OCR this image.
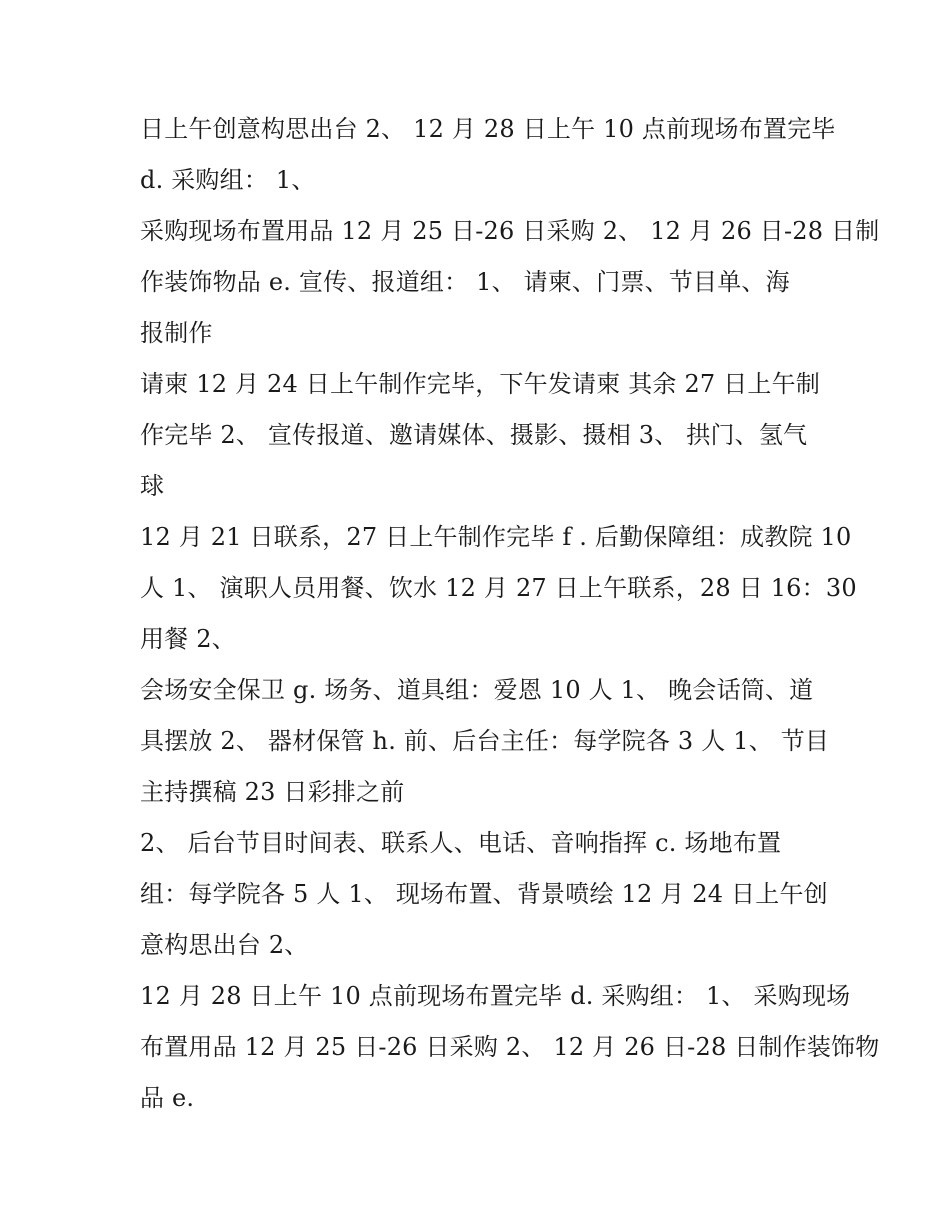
日上午创意构思出台 2、 12 月 28 日上午 10 点前现场布置完毕
d. 采购组： 1、
采购现场布置用品 12 月 25 日-26 日采购 2、 12 月 26 日-28 日制
作装饰物品 e. 宣传、报道组： 1、 请柬、门票、节目单、海
报制作
请柬 12 月 24 日上午制作完毕，下午发请柬 其余 27 日上午制
作完毕 2、 宣传报道、邀请媒体、摄影、摄相 3、 拱门、氢气
球
12 月 21 日联系，27 日上午制作完毕 f . 后勤保障组：成教院 10
人 1、 演职人员用餐、饮水 12 月 27 日上午联系，28 日 16：30
用餐 2、
会场安全保卫 g. 场务、道具组：爱恩 10 人 1、 晚会话筒、道
具摆放 2、 器材保管 h. 前、后台主任：每学院各 3 人 1、 节目
主持撰稿 23 日彩排之前
2、 后台节目时间表、联系人、电话、音响指挥 c. 场地布置
组：每学院各 5 人 1、 现场布置、背景喷绘 12 月 24 日上午创
意构思出台 2、
12 月 28 日上午 10 点前现场布置完毕 d. 采购组： 1、 采购现场
布置用品 12 月 25 日-26 日采购 2、 12 月 26 日-28 日制作装饰物
品 e.
